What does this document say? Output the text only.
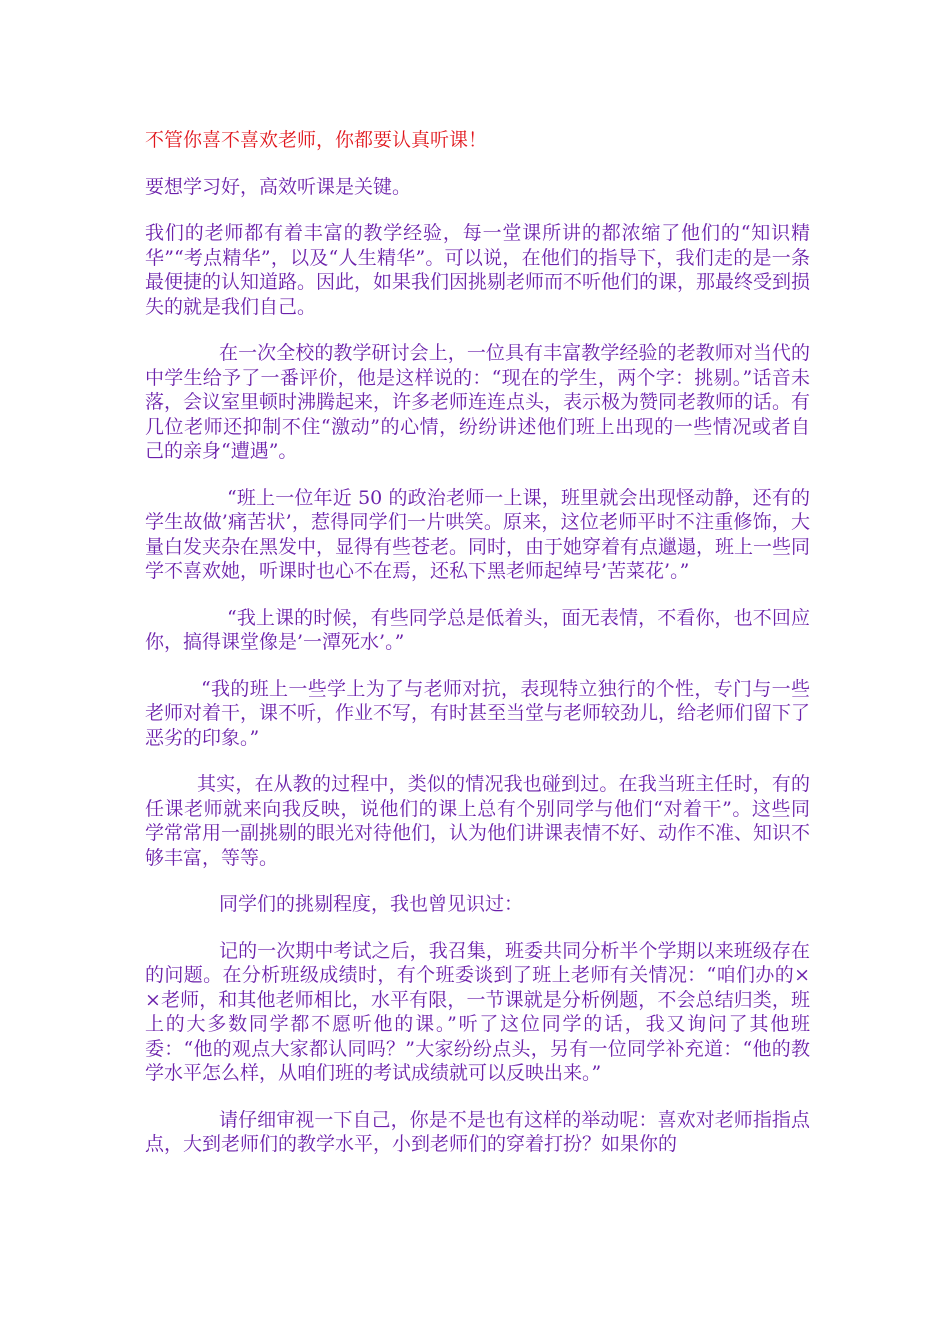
不管你喜不喜欢老师，你都要认真听课！

要想学习好，高效听课是关键。

我们的老师都有着丰富的教学经验，每一堂课所讲的都浓缩了他们的“知识精华”“考点精华”，以及“人生精华”。可以说，在他们的指导下，我们走的是一条最便捷的认知道路。因此，如果我们因挑剔老师而不听他们的课，那最终受到损失的就是我们自己。

在一次全校的教学研讨会上，一位具有丰富教学经验的老教师对当代的中学生给予了一番评价，他是这样说的：“现在的学生，两个字：挑剔。”话音未落，会议室里顿时沸腾起来，许多老师连连点头，表示极为赞同老教师的话。有几位老师还抑制不住“激动”的心情，纷纷讲述他们班上出现的一些情况或者自己的亲身“遭遇”。

“班上一位年近 50 的政治老师一上课，班里就会出现怪动静，还有的学生故做’痛苦状’，惹得同学们一片哄笑。原来，这位老师平时不注重修饰，大量白发夹杂在黑发中，显得有些苍老。同时，由于她穿着有点邋遢，班上一些同学不喜欢她，听课时也心不在焉，还私下黑老师起绰号’苦菜花’。”

“我上课的时候，有些同学总是低着头，面无表情，不看你，也不回应你，搞得课堂像是’一潭死水’。”

“我的班上一些学上为了与老师对抗，表现特立独行的个性，专门与一些老师对着干，课不听，作业不写，有时甚至当堂与老师较劲儿，给老师们留下了恶劣的印象。”

其实，在从教的过程中，类似的情况我也碰到过。在我当班主任时，有的任课老师就来向我反映，说他们的课上总有个别同学与他们“对着干”。这些同学常常用一副挑剔的眼光对待他们，认为他们讲课表情不好、动作不准、知识不够丰富，等等。

同学们的挑剔程度，我也曾见识过：

记的一次期中考试之后，我召集，班委共同分析半个学期以来班级存在的问题。在分析班级成绩时，有个班委谈到了班上老师有关情况：“咱们办的××老师，和其他老师相比，水平有限，一节课就是分析例题，不会总结归类，班上的大多数同学都不愿听他的课。”听了这位同学的话，我又询问了其他班委：“他的观点大家都认同吗？”大家纷纷点头，另有一位同学补充道：“他的教学水平怎么样，从咱们班的考试成绩就可以反映出来。”

请仔细审视一下自己，你是不是也有这样的举动呢：喜欢对老师指指点点，大到老师们的教学水平，小到老师们的穿着打扮？如果你的
